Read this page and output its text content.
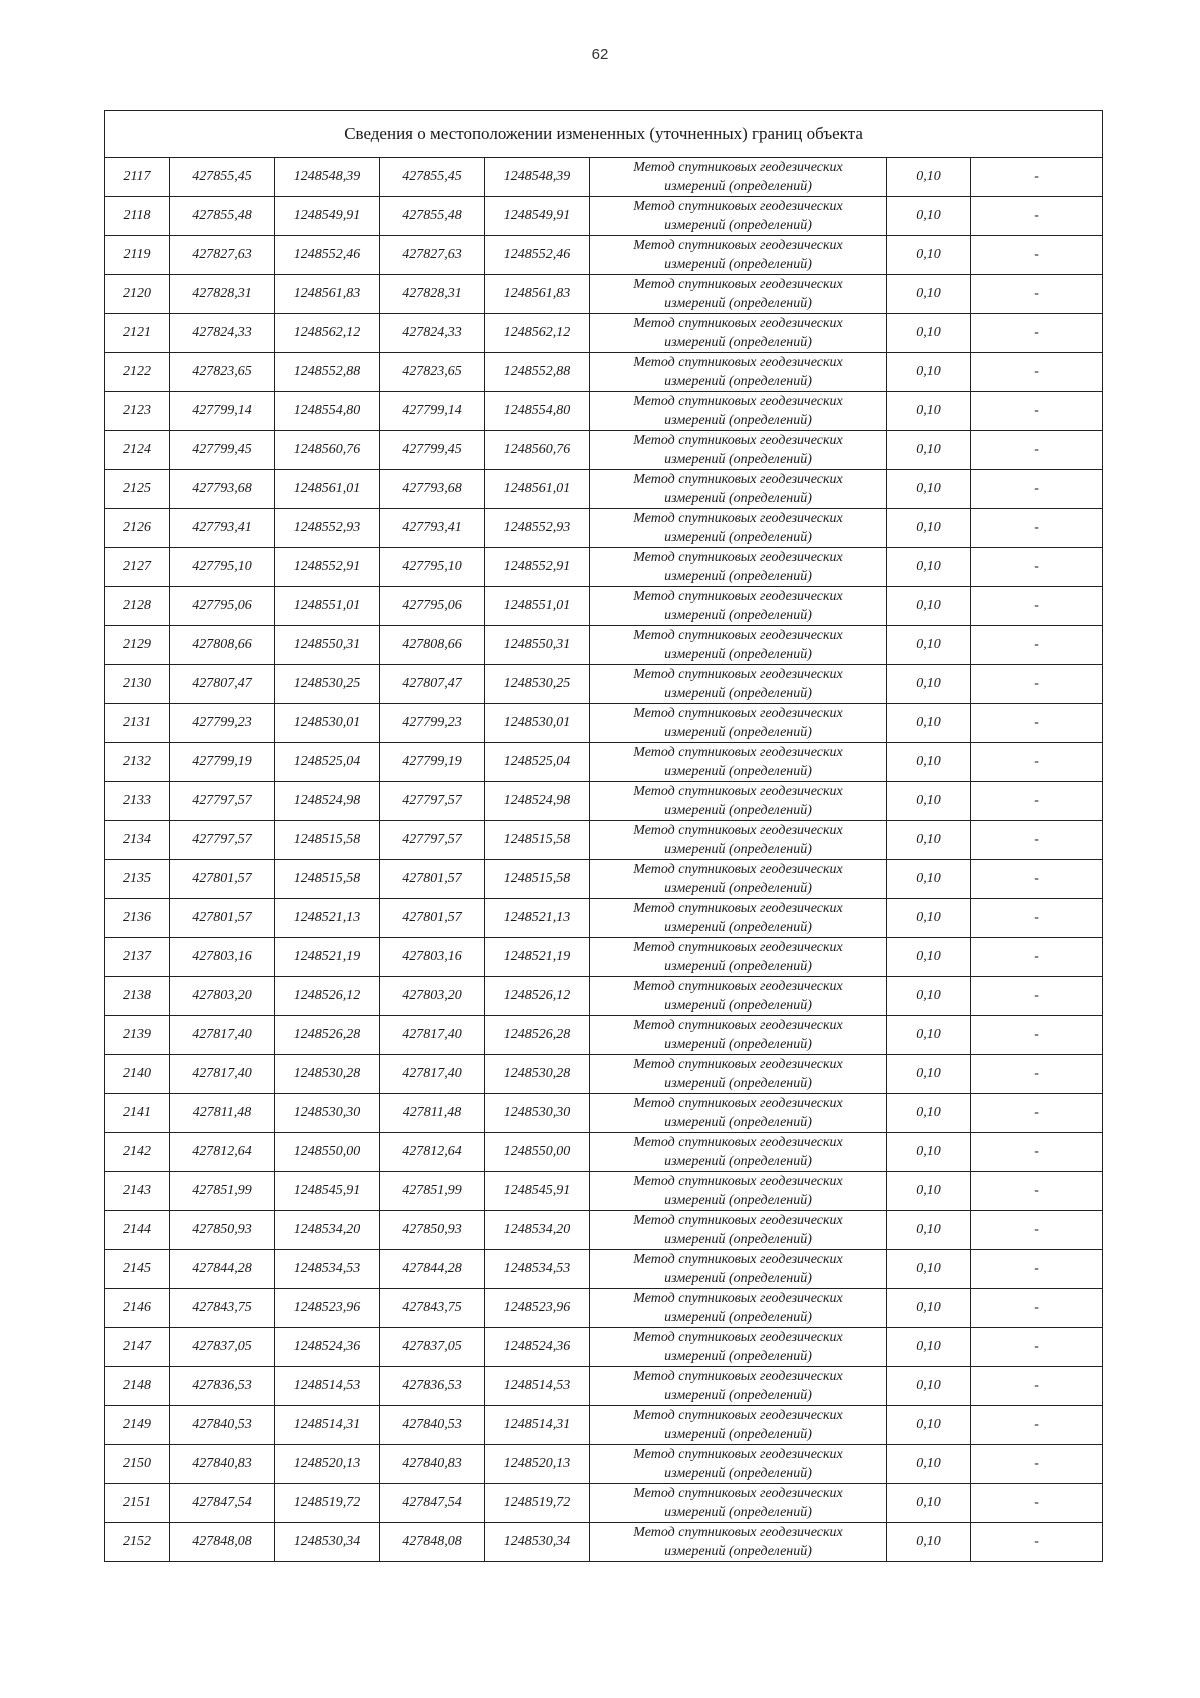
62
Сведения о местоположении измененных (уточненных) границ объекта							
2117	427855,45	1248548,39	427855,45	1248548,39	Метод спутниковых геодезических
измерений (определений)	0,10	-
2118	427855,48	1248549,91	427855,48	1248549,91	Метод спутниковых геодезических
измерений (определений)	0,10	-
2119	427827,63	1248552,46	427827,63	1248552,46	Метод спутниковых геодезических
измерений (определений)	0,10	-
2120	427828,31	1248561,83	427828,31	1248561,83	Метод спутниковых геодезических
измерений (определений)	0,10	-
2121	427824,33	1248562,12	427824,33	1248562,12	Метод спутниковых геодезических
измерений (определений)	0,10	-
2122	427823,65	1248552,88	427823,65	1248552,88	Метод спутниковых геодезических
измерений (определений)	0,10	-
2123	427799,14	1248554,80	427799,14	1248554,80	Метод спутниковых геодезических
измерений (определений)	0,10	-
2124	427799,45	1248560,76	427799,45	1248560,76	Метод спутниковых геодезических
измерений (определений)	0,10	-
2125	427793,68	1248561,01	427793,68	1248561,01	Метод спутниковых геодезических
измерений (определений)	0,10	-
2126	427793,41	1248552,93	427793,41	1248552,93	Метод спутниковых геодезических
измерений (определений)	0,10	-
2127	427795,10	1248552,91	427795,10	1248552,91	Метод спутниковых геодезических
измерений (определений)	0,10	-
2128	427795,06	1248551,01	427795,06	1248551,01	Метод спутниковых геодезических
измерений (определений)	0,10	-
2129	427808,66	1248550,31	427808,66	1248550,31	Метод спутниковых геодезических
измерений (определений)	0,10	-
2130	427807,47	1248530,25	427807,47	1248530,25	Метод спутниковых геодезических
измерений (определений)	0,10	-
2131	427799,23	1248530,01	427799,23	1248530,01	Метод спутниковых геодезических
измерений (определений)	0,10	-
2132	427799,19	1248525,04	427799,19	1248525,04	Метод спутниковых геодезических
измерений (определений)	0,10	-
2133	427797,57	1248524,98	427797,57	1248524,98	Метод спутниковых геодезических
измерений (определений)	0,10	-
2134	427797,57	1248515,58	427797,57	1248515,58	Метод спутниковых геодезических
измерений (определений)	0,10	-
2135	427801,57	1248515,58	427801,57	1248515,58	Метод спутниковых геодезических
измерений (определений)	0,10	-
2136	427801,57	1248521,13	427801,57	1248521,13	Метод спутниковых геодезических
измерений (определений)	0,10	-
2137	427803,16	1248521,19	427803,16	1248521,19	Метод спутниковых геодезических
измерений (определений)	0,10	-
2138	427803,20	1248526,12	427803,20	1248526,12	Метод спутниковых геодезических
измерений (определений)	0,10	-
2139	427817,40	1248526,28	427817,40	1248526,28	Метод спутниковых геодезических
измерений (определений)	0,10	-
2140	427817,40	1248530,28	427817,40	1248530,28	Метод спутниковых геодезических
измерений (определений)	0,10	-
2141	427811,48	1248530,30	427811,48	1248530,30	Метод спутниковых геодезических
измерений (определений)	0,10	-
2142	427812,64	1248550,00	427812,64	1248550,00	Метод спутниковых геодезических
измерений (определений)	0,10	-
2143	427851,99	1248545,91	427851,99	1248545,91	Метод спутниковых геодезических
измерений (определений)	0,10	-
2144	427850,93	1248534,20	427850,93	1248534,20	Метод спутниковых геодезических
измерений (определений)	0,10	-
2145	427844,28	1248534,53	427844,28	1248534,53	Метод спутниковых геодезических
измерений (определений)	0,10	-
2146	427843,75	1248523,96	427843,75	1248523,96	Метод спутниковых геодезических
измерений (определений)	0,10	-
2147	427837,05	1248524,36	427837,05	1248524,36	Метод спутниковых геодезических
измерений (определений)	0,10	-
2148	427836,53	1248514,53	427836,53	1248514,53	Метод спутниковых геодезических
измерений (определений)	0,10	-
2149	427840,53	1248514,31	427840,53	1248514,31	Метод спутниковых геодезических
измерений (определений)	0,10	-
2150	427840,83	1248520,13	427840,83	1248520,13	Метод спутниковых геодезических
измерений (определений)	0,10	-
2151	427847,54	1248519,72	427847,54	1248519,72	Метод спутниковых геодезических
измерений (определений)	0,10	-
2152	427848,08	1248530,34	427848,08	1248530,34	Метод спутниковых геодезических
измерений (определений)	0,10	-
